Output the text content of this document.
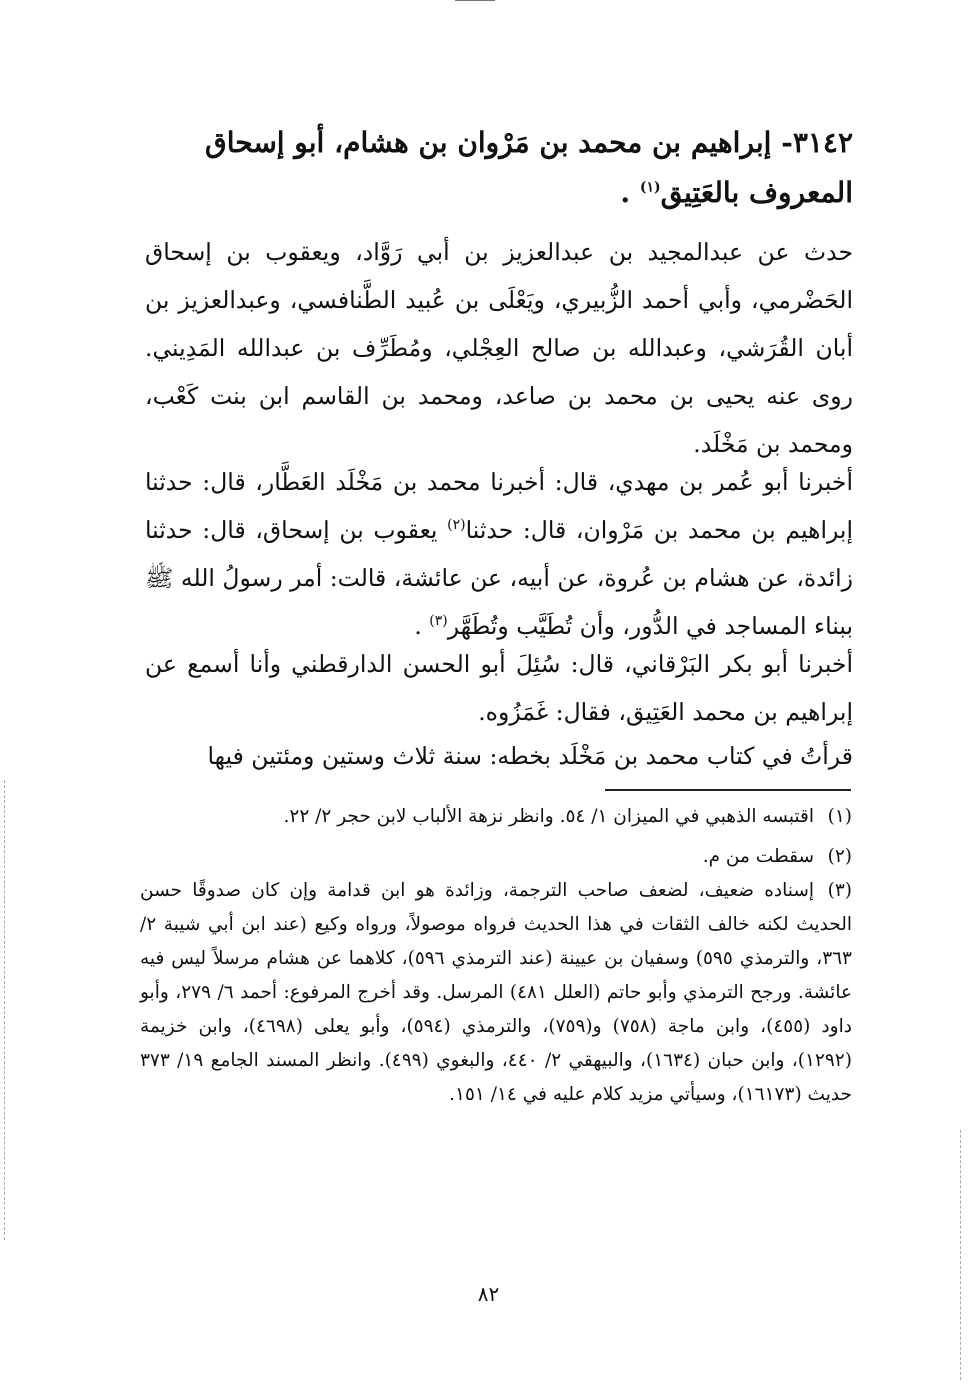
٣١٤٢- إبراهيم بن محمد بن مَرْوان بن هشام، أبو إسحاق
المعروف بالعَتِيق$^{(١)}$ .
حدث عن عبدالمجيد بن عبدالعزيز بن أبي رَوَّاد، ويعقوب بن إسحاق الحَضْرمي، وأبي أحمد الزُّبيري، ويَعْلَى بن عُبيد الطَّنافسي، وعبدالعزيز بن أبان القُرَشي، وعبدالله بن صالح العِجْلي، ومُطَرِّف بن عبدالله المَدِيني. روى عنه يحيى بن محمد بن صاعد، ومحمد بن القاسم ابن بنت كَعْب، ومحمد بن مَخْلَد.
أخبرنا أبو عُمر بن مهدي، قال: أخبرنا محمد بن مَخْلَد العَطَّار، قال: حدثنا إبراهيم بن محمد بن مَرْوان، قال: حدثنا$^{(٢)}$ يعقوب بن إسحاق، قال: حدثنا زائدة، عن هشام بن عُروة، عن أبيه، عن عائشة، قالت: أمر رسولُ الله ﷺ ببناء المساجد في الدُّور، وأن تُطَيَّب وتُطَهَّر$^{(٣)}$ .
أخبرنا أبو بكر البَرْقاني، قال: سُئِلَ أبو الحسن الدارقطني وأنا أسمع عن إبراهيم بن محمد العَتِيق، فقال: غَمَزُوه.
قرأتُ في كتاب محمد بن مَخْلَد بخطه: سنة ثلاث وستين ومئتين فيها
(١)اقتبسه الذهبي في الميزان ١/ ٥٤. وانظر نزهة الألباب لابن حجر ٢/ ٢٢.
(٢)سقطت من م.
(٣)إسناده ضعيف، لضعف صاحب الترجمة، وزائدة هو ابن قدامة وإن كان صدوقًا حسن الحديث لكنه خالف الثقات في هذا الحديث فرواه موصولاً، ورواه وكيع (عند ابن أبي شيبة ٢/ ٣٦٣، والترمذي ٥٩٥) وسفيان بن عيينة (عند الترمذي ٥٩٦)، كلاهما عن هشام مرسلاً ليس فيه عائشة. ورجح الترمذي وأبو حاتم (العلل ٤٨١) المرسل. وقد أخرج المرفوع: أحمد ٦/ ٢٧٩، وأبو داود (٤٥٥)، وابن ماجة (٧٥٨) و(٧٥٩)، والترمذي (٥٩٤)، وأبو يعلى (٤٦٩٨)، وابن خزيمة (١٢٩٢)، وابن حبان (١٦٣٤)، والبيهقي ٢/ ٤٤٠، والبغوي (٤٩٩). وانظر المسند الجامع ١٩/ ٣٧٣ حديث (١٦١٧٣)، وسيأتي مزيد كلام عليه في ١٤/ ١٥١.
٨٢
